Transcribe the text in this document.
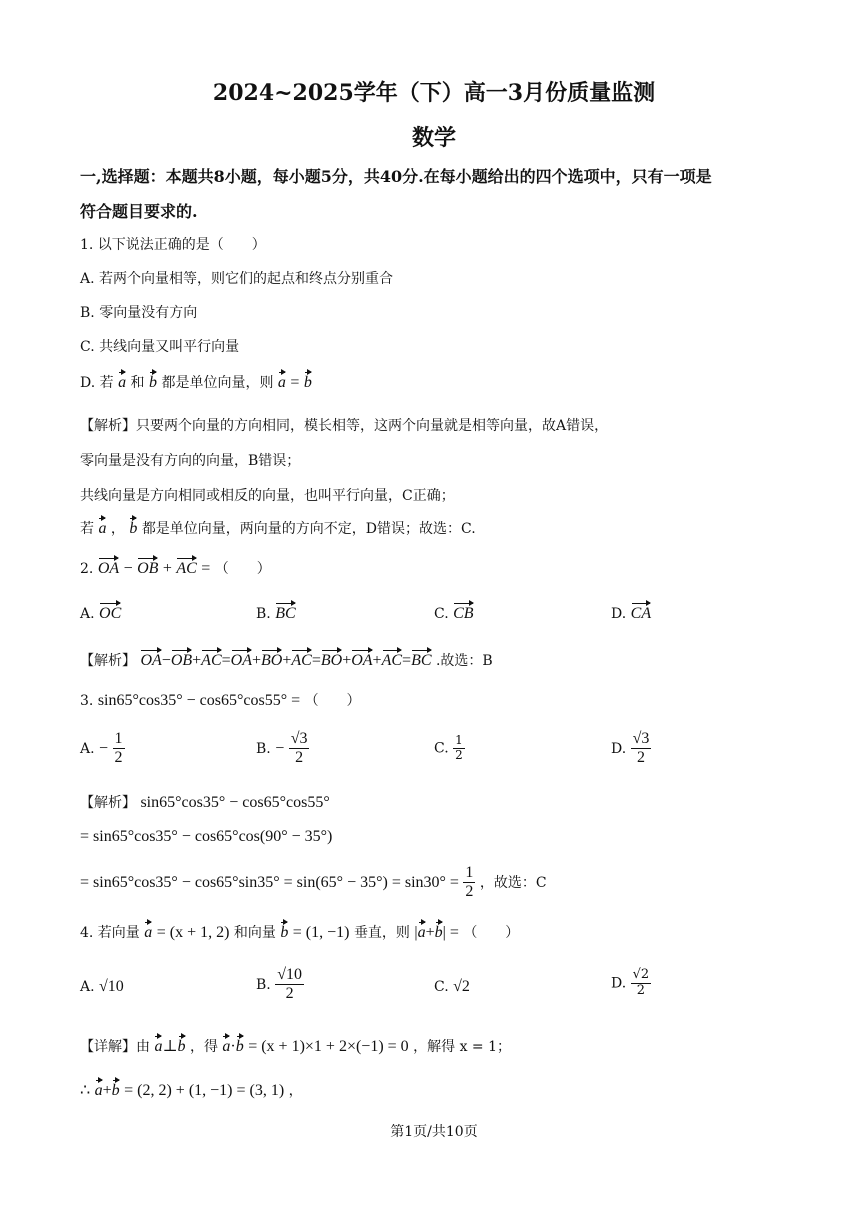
2024~2025学年（下）高一3月份质量监测
数学
一,选择题：本题共8小题，每小题5分，共40分.在每小题给出的四个选项中，只有一项是
符合题目要求的.
1. 以下说法正确的是（　　）
A. 若两个向量相等，则它们的起点和终点分别重合
B. 零向量没有方向
C. 共线向量又叫平行向量
D. 若 a 和 b 都是单位向量，则 a = b
【解析】只要两个向量的方向相同，模长相等，这两个向量就是相等向量，故A错误，
零向量是没有方向的向量，B错误；
共线向量是方向相同或相反的向量，也叫平行向量，C正确；
若 a ， b 都是单位向量，两向量的方向不定，D错误；故选：C.
2. OA − OB + AC = （　　）
A. OC	B. BC	C. CB	D. CA
【解析】 OA−OB+AC=OA+BO+AC=BO+OA+AC=BC .故选：B
3. sin65°cos35° − cos65°cos55° = （　　）
A. − $\frac{1}{2}$	B. − $\frac{√3}{2}$	C. $\frac{1}{2}$	D. $\frac{√3}{2}$
【解析】 sin65°cos35° − cos65°cos55°
= sin65°cos35° − cos65°cos(90° − 35°)
= $\sin 65^\circ\cos 35^\circ - \cos 65^\circ\sin 35^\circ = \sin(65^\circ - 35^\circ) = \sin 30^\circ = \frac{1}{2}$ ，故选：C
4. 若向量 a = (x + 1, 2) 和向量 b = (1, −1) 垂直，则 |a+b| = （　　）
A. √10	B. $\frac{√10}{2}$	C. √2	D. $\frac{√2}{2}$
【详解】由 a⊥b ，得 a·b = (x + 1)×1 + 2×(−1) = 0 ，解得 x = 1；
∴ a+b = (2, 2) + (1, −1) = (3, 1) ，
第1页/共10页
